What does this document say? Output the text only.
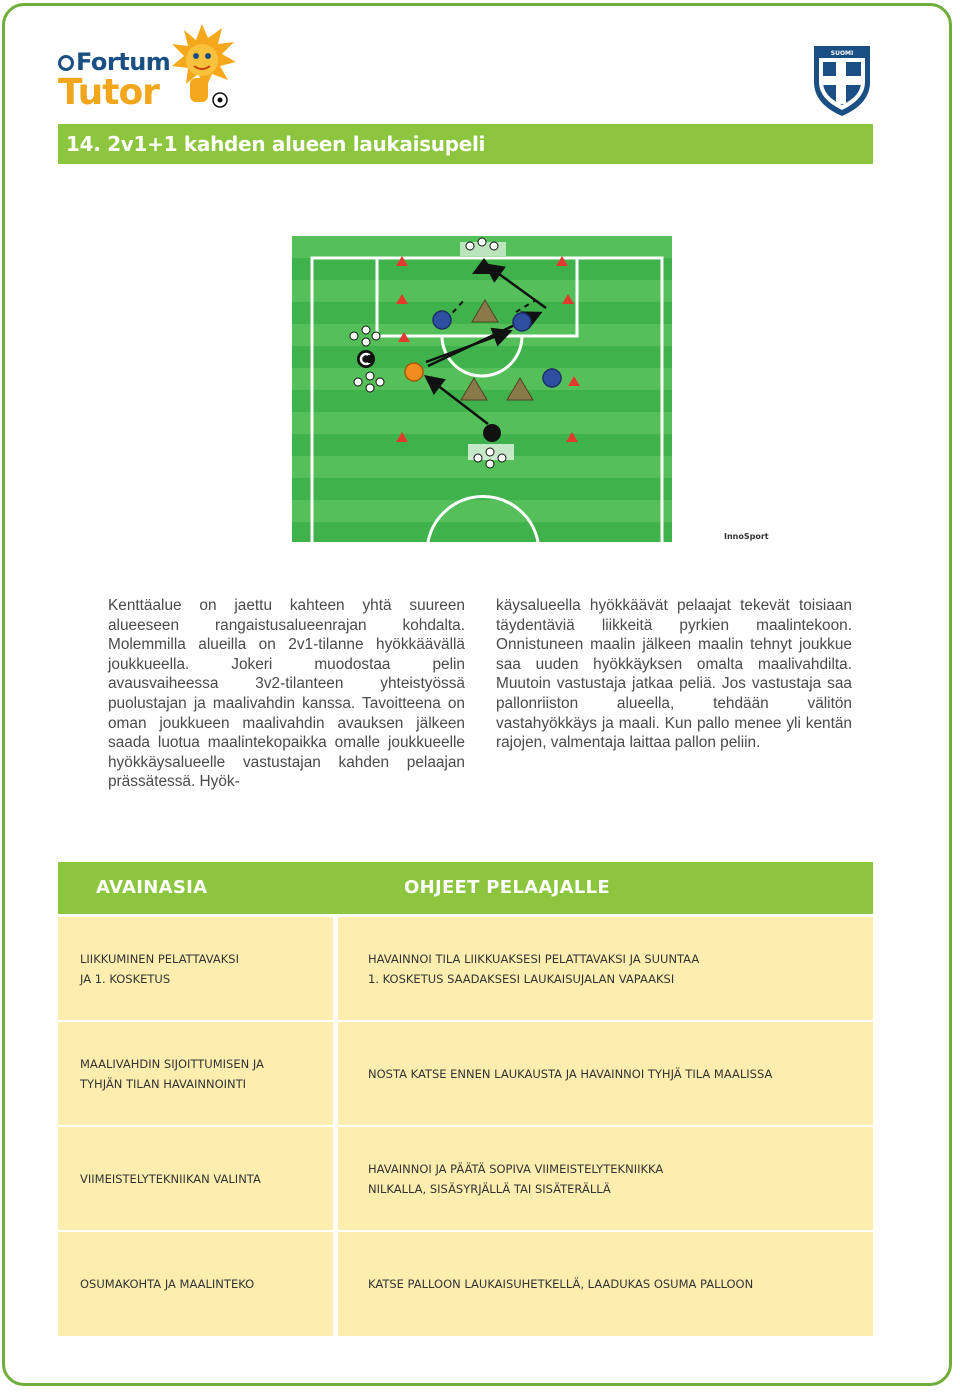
Fortum
Tutor
SUOMI
14. 2v1+1 kahden alueen laukaisupeli
InnoSport

Kenttäalue on jaettu kahteen yhtä suureen alueeseen rangaistusalueenrajan kohdalta. Molemmilla alueilla on 2v1-tilanne hyökkäävällä joukkueella. Jokeri muodostaa pelin avausvaiheessa 3v2-tilanteen yhteistyössä puolustajan ja maalivahdin kanssa. Tavoitteena on oman joukkueen maalivahdin avauksen jälkeen saada luotua maalintekopaikka omalle joukkueelle hyökkäysalueelle vastustajan kahden pelaajan prässätessä. Hyök-

käysalueella hyökkäävät pelaajat tekevät toisiaan täydentäviä liikkeitä pyrkien maalintekoon. Onnistuneen maalin jälkeen maalin tehnyt joukkue saa uuden hyökkäyksen omalta maalivahdilta. Muutoin vastustaja jatkaa peliä. Jos vastustaja saa pallonriiston alueella, tehdään välitön vastahyökkäys ja maali. Kun pallo menee yli kentän rajojen, valmentaja laittaa pallon peliin.

AVAINASIA	OHJEET PELAAJALLE
LIIKKUMINEN PELATTAVAKSI
JA 1. KOSKETUS
HAVAINNOI TILA LIIKKUAKSESI PELATTAVAKSI JA SUUNTAA
1. KOSKETUS SAADAKSESI LAUKAISUJALAN VAPAAKSI
MAALIVAHDIN SIJOITTUMISEN JA
TYHJÄN TILAN HAVAINNOINTI
NOSTA KATSE ENNEN LAUKAUSTA JA HAVAINNOI TYHJÄ TILA MAALISSA
VIIMEISTELYTEKNIIKAN VALINTA
HAVAINNOI JA PÄÄTÄ SOPIVA VIIMEISTELYTEKNIIKKA
NILKALLA, SISÄSYRJÄLLÄ TAI SISÄTERÄLLÄ
OSUMAKOHTA JA MAALINTEKO	KATSE PALLOON LAUKAISUHETKELLÄ, LAADUKAS OSUMA PALLOON
